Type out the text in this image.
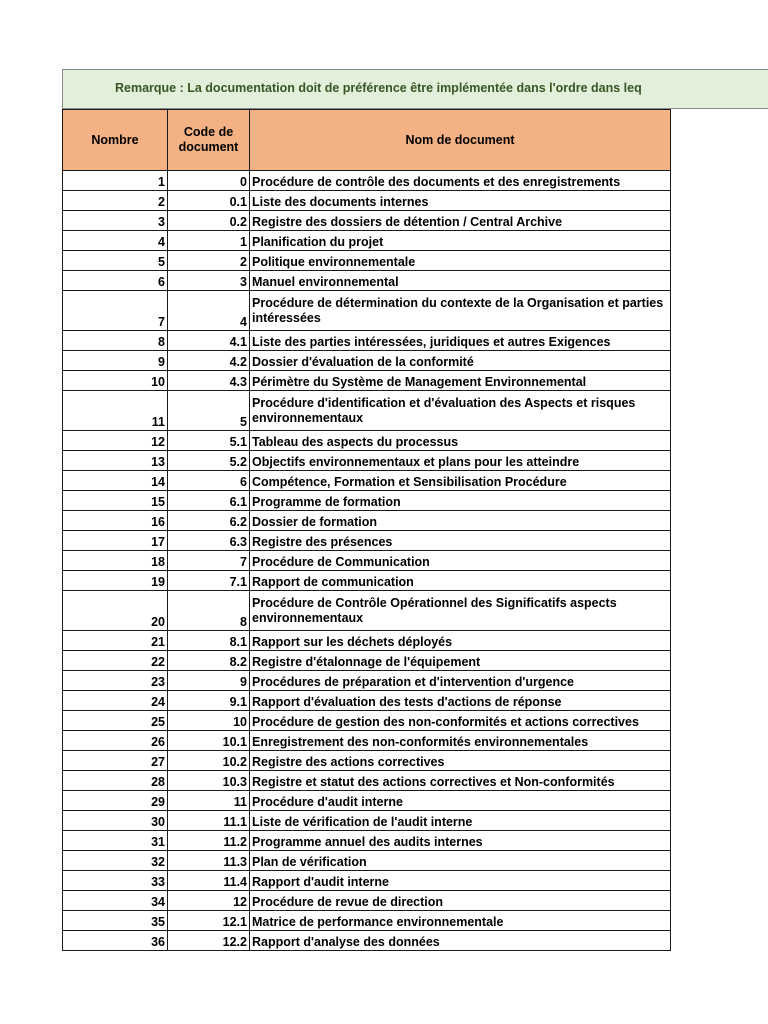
Remarque : La documentation doit de préférence être implémentée dans l'ordre dans leq
Nombre	Code de document	Nom de document
1	0	Procédure de contrôle des documents et des enregistrements
2	0.1	Liste des documents internes
3	0.2	Registre des dossiers de détention / Central Archive
4	1	Planification du projet
5	2	Politique environnementale
6	3	Manuel environnemental
7	4	Procédure de détermination du contexte de la Organisation et parties intéressées
8	4.1	Liste des parties intéressées, juridiques et autres Exigences
9	4.2	Dossier d'évaluation de la conformité
10	4.3	Périmètre du Système de Management Environnemental
11	5	Procédure d'identification et d'évaluation des Aspects et risques environnementaux
12	5.1	Tableau des aspects du processus
13	5.2	Objectifs environnementaux et plans pour les atteindre
14	6	Compétence, Formation et Sensibilisation Procédure
15	6.1	Programme de formation
16	6.2	Dossier de formation
17	6.3	Registre des présences
18	7	Procédure de Communication
19	7.1	Rapport de communication
20	8	Procédure de Contrôle Opérationnel des Significatifs aspects environnementaux
21	8.1	Rapport sur les déchets déployés
22	8.2	Registre d'étalonnage de l'équipement
23	9	Procédures de préparation et d'intervention d'urgence
24	9.1	Rapport d'évaluation des tests d'actions de réponse
25	10	Procédure de gestion des non-conformités et actions correctives
26	10.1	Enregistrement des non-conformités environnementales
27	10.2	Registre des actions correctives
28	10.3	Registre et statut des actions correctives et Non-conformités
29	11	Procédure d'audit interne
30	11.1	Liste de vérification de l'audit interne
31	11.2	Programme annuel des audits internes
32	11.3	Plan de vérification
33	11.4	Rapport d'audit interne
34	12	Procédure de revue de direction
35	12.1	Matrice de performance environnementale
36	12.2	Rapport d'analyse des données
